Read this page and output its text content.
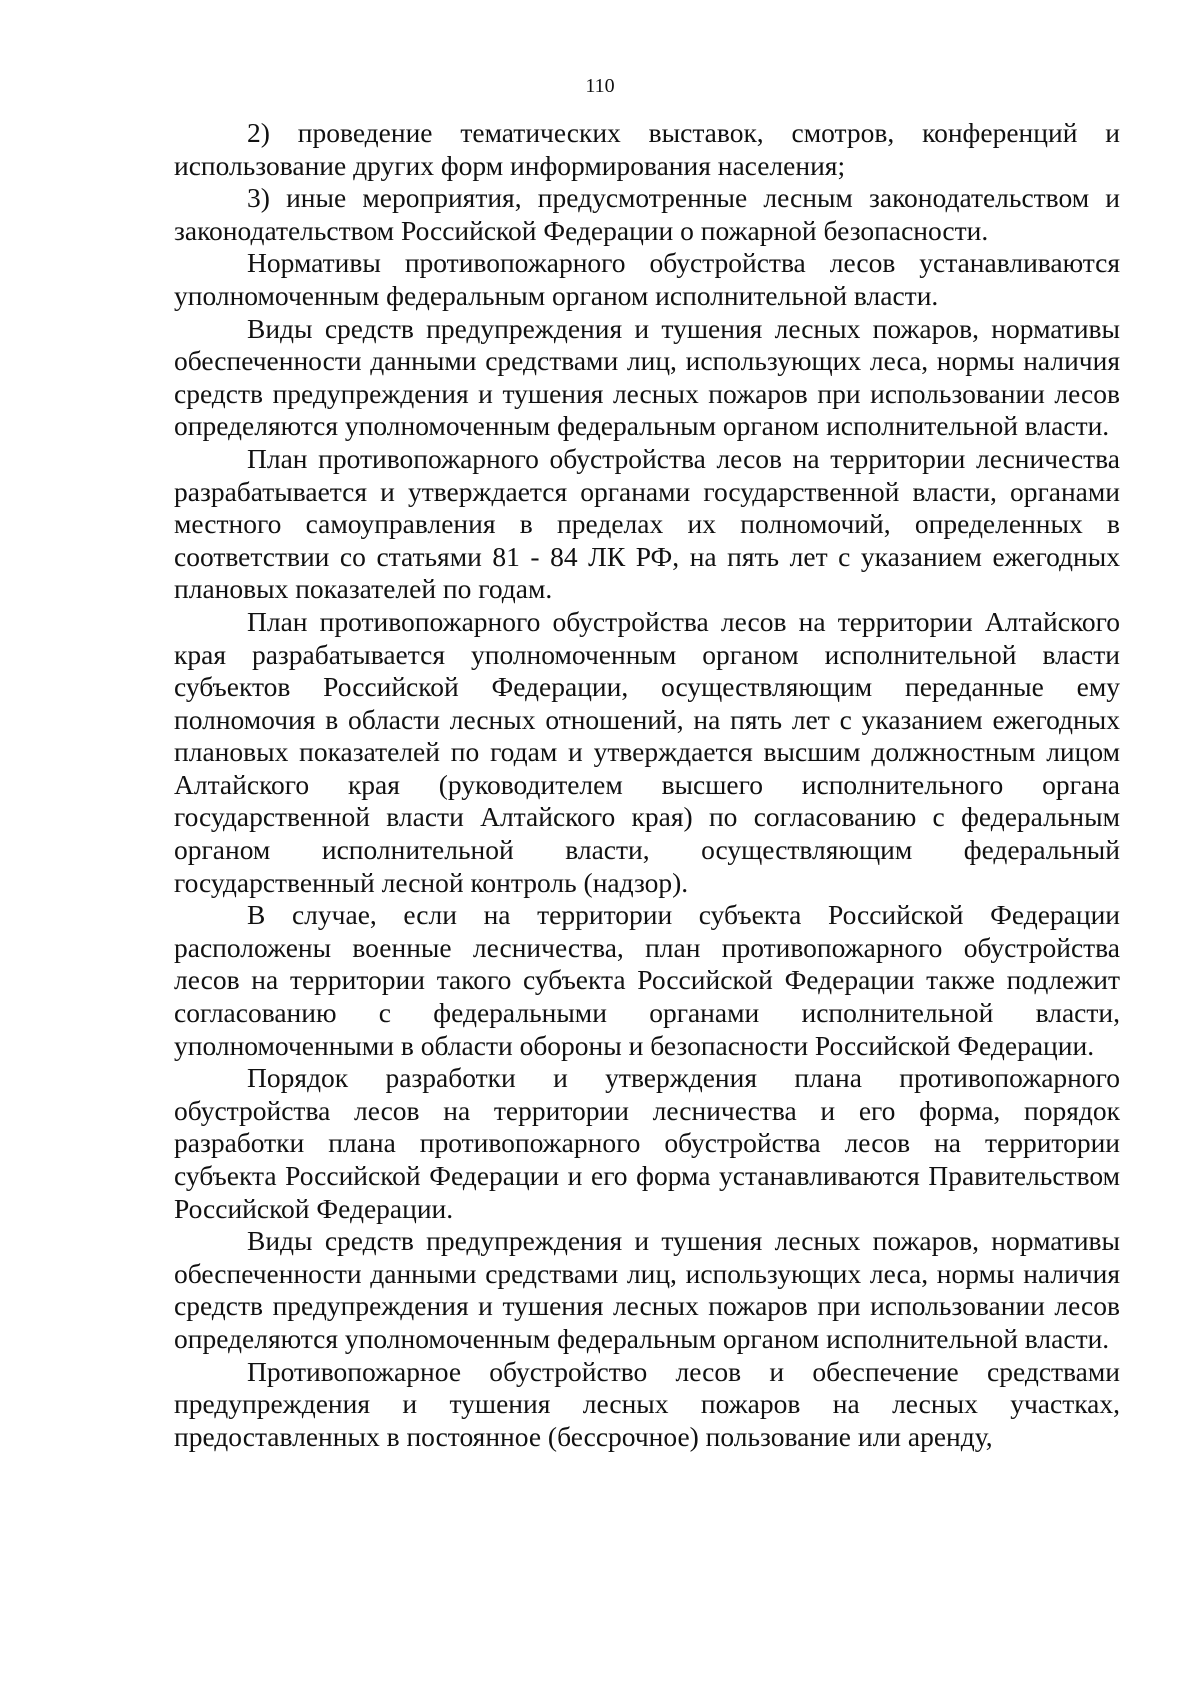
110

2) проведение тематических выставок, смотров, конференций и использование других форм информирования населения;

3) иные мероприятия, предусмотренные лесным законодательством и законодательством Российской Федерации о пожарной безопасности.

Нормативы противопожарного обустройства лесов устанавливаются уполномоченным федеральным органом исполнительной власти.

Виды средств предупреждения и тушения лесных пожаров, нормативы обеспеченности данными средствами лиц, использующих леса, нормы наличия средств предупреждения и тушения лесных пожаров при использовании лесов определяются уполномоченным федеральным органом исполнительной власти.

План противопожарного обустройства лесов на территории лесничества разрабатывается и утверждается органами государственной власти, органами местного самоуправления в пределах их полномочий, определенных в соответствии со статьями 81 - 84 ЛК РФ, на пять лет с указанием ежегодных плановых показателей по годам.

План противопожарного обустройства лесов на территории Алтайского края разрабатывается уполномоченным органом исполнительной власти субъектов Российской Федерации, осуществляющим переданные ему полномочия в области лесных отношений, на пять лет с указанием ежегодных плановых показателей по годам и утверждается высшим должностным лицом Алтайского края (руководителем высшего исполнительного органа государственной власти Алтайского края) по согласованию с федеральным органом исполнительной власти, осуществляющим федеральный государственный лесной контроль (надзор).

В случае, если на территории субъекта Российской Федерации расположены военные лесничества, план противопожарного обустройства лесов на территории такого субъекта Российской Федерации также подлежит согласованию с федеральными органами исполнительной власти, уполномоченными в области обороны и безопасности Российской Федерации.

Порядок разработки и утверждения плана противопожарного обустройства лесов на территории лесничества и его форма, порядок разработки плана противопожарного обустройства лесов на территории субъекта Российской Федерации и его форма устанавливаются Правительством Российской Федерации.

Виды средств предупреждения и тушения лесных пожаров, нормативы обеспеченности данными средствами лиц, использующих леса, нормы наличия средств предупреждения и тушения лесных пожаров при использовании лесов определяются уполномоченным федеральным органом исполнительной власти.

Противопожарное обустройство лесов и обеспечение средствами предупреждения и тушения лесных пожаров на лесных участках, предоставленных в постоянное (бессрочное) пользование или аренду,
